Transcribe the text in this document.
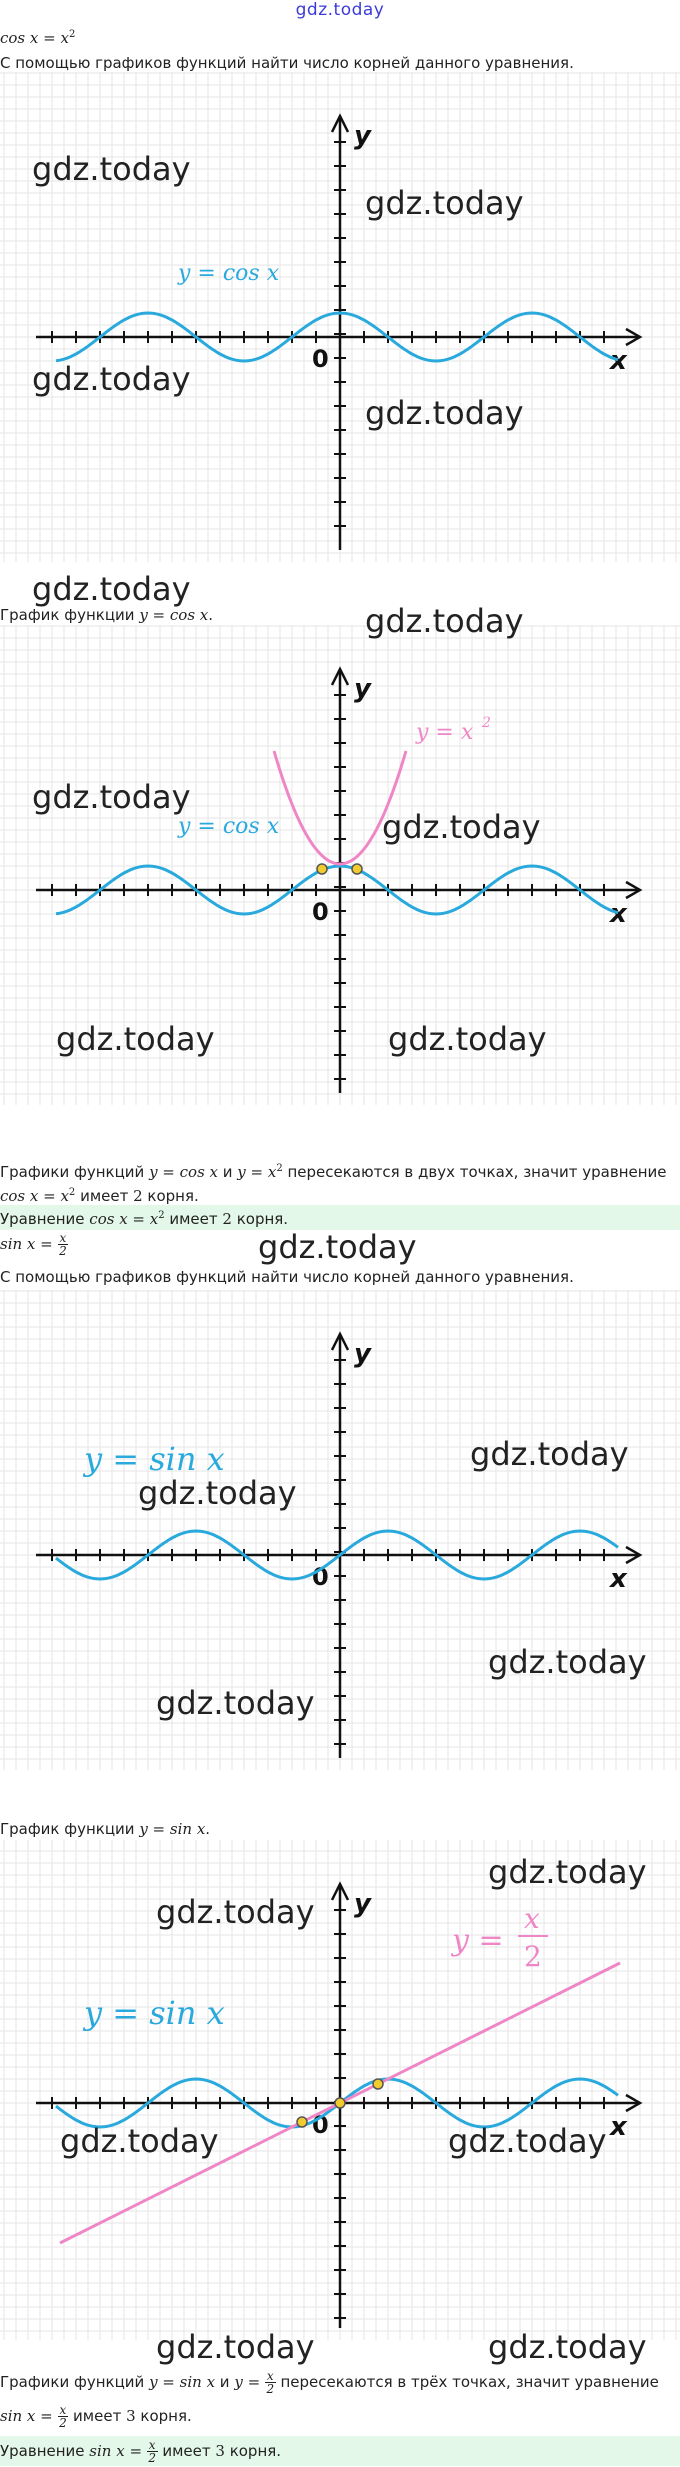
gdz.today
$\cos x = x^2$
С помощью графиков функций найти число корней данного уравнения.
y
x
0
y = cos x
График функции y = cos x.
y
x
0
y = cos x
y = x 2
Графики функций y = cos x и $y = x^2$ пересекаются в двух точках, значит уравнение
$\cos x = x^2$ имеет 2 корня.
Уравнение $\cos x = x^2$ имеет 2 корня.
$\sin x = \frac{x}{2}$
С помощью графиков функций найти число корней данного уравнения.
y
x
0
y = sin x
График функции y = sin x.
y
x
0
y = sin x
y =
x
2
Графики функций y = sin x и $y = \frac{x}{2}$ пересекаются в трёх точках, значит уравнение
$\sin x = \frac{x}{2}$ имеет 3 корня.
Уравнение $\sin x = \frac{x}{2}$ имеет 3 корня.
gdz.today
gdz.today
gdz.today
gdz.today
gdz.today
gdz.today
gdz.today
gdz.today
gdz.today	gdz.today
gdz.today
gdz.today
gdz.today
gdz.today
gdz.today
gdz.today
gdz.today
gdz.today	gdz.today
gdz.today	gdz.today
